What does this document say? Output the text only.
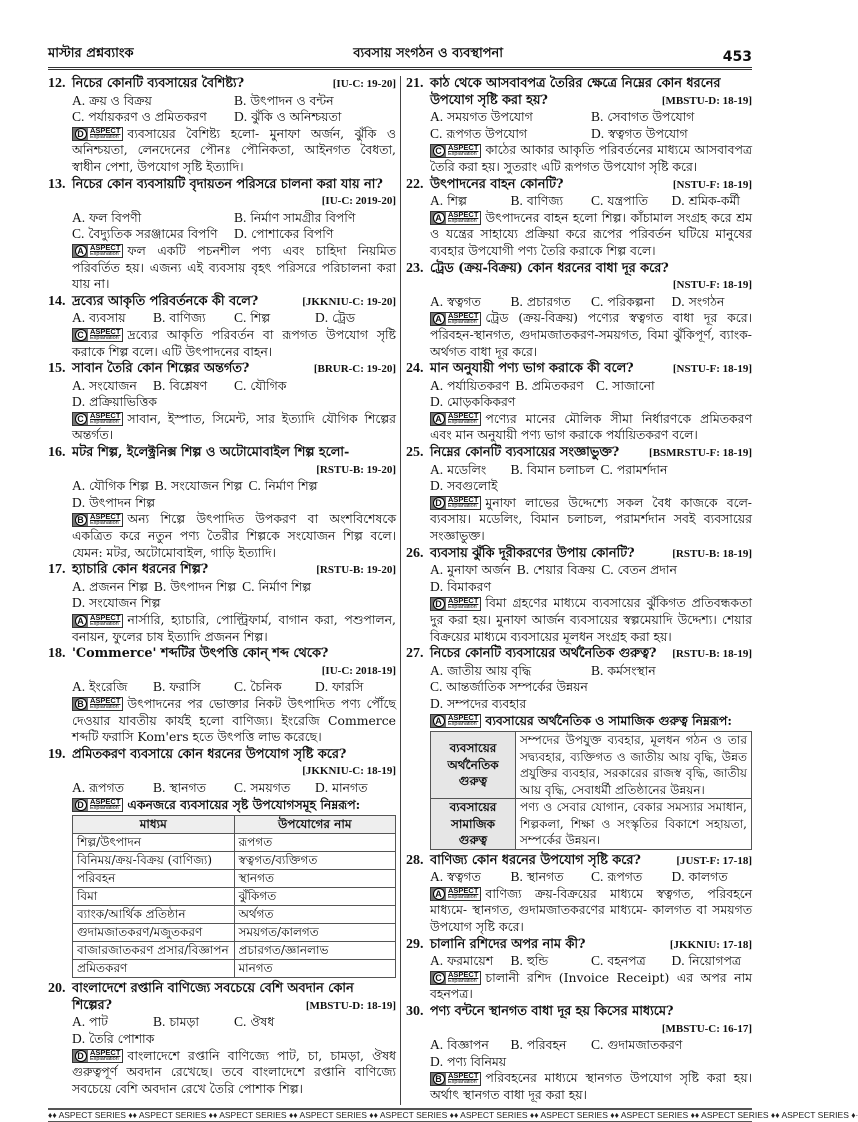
মাস্টার প্রশ্নব্যাংক	ব্যবসায় সংগঠন ও ব্যবস্থাপনা	453
12. নিচের কোনটি ব্যবসায়ের বৈশিষ্ট্য?	[IU-C: 19-20]
A. ক্রয় ও বিক্রয়	B. উৎপাদন ও বন্টন
C. পর্যায়করণ ও প্রমিতকরণ	D. ঝুঁকি ও অনিশ্চয়তা
D ASPECT
Explanation ব্যবসায়ের বৈশিষ্ট্য হলো- মুনাফা অর্জন, ঝুঁকি ও অনিশ্চয়তা, লেনদেনের পৌনঃ পৌনিকতা, আইনগত বৈধতা, স্বাধীন পেশা, উপযোগ সৃষ্টি ইত্যাদি।
13. নিচের কোন ব্যবসায়টি বৃদায়তন পরিসরে চালনা করা যায় না?
[IU-C: 2019-20]
A. ফল বিপণী	B. নির্মাণ সামগ্রীর বিপণি
C. বৈদ্যুতিক সরঞ্জামের বিপণি	D. পোশাকের বিপণি
A ASPECT
Explanation ফল একটি পচনশীল পণ্য এবং চাহিদা নিয়মিত পরিবর্তিত হয়। এজন্য এই ব্যবসায় বৃহৎ পরিসরে পরিচালনা করা যায় না।
14. দ্রব্যের আকৃতি পরিবর্তনকে কী বলে?	[JKKNIU-C: 19-20]
A. ব্যবসায়	B. বাণিজ্য	C. শিল্প	D. ট্রেড
C ASPECT
Explanation দ্রব্যের আকৃতি পরিবর্তন বা রূপগত উপযোগ সৃষ্টি করাকে শিল্প বলে। এটি উৎপাদনের বাহন।
15. সাবান তৈরি কোন শিল্পের অন্তর্গত?	[BRUR-C: 19-20]
A. সংযোজন	B. বিশ্লেষণ	C. যৌগিক
D. প্রক্রিয়াভিত্তিক
C ASPECT
Explanation সাবান, ইস্পাত, সিমেন্ট, সার ইত্যাদি যৌগিক শিল্পের অন্তর্গত।
16. মটর শিল্প, ইলেক্ট্রনিক্স শিল্প ও অটোমোবাইল শিল্প হলো-
[RSTU-B: 19-20]
A. যৌগিক শিল্প B. সংযোজন শিল্প C. নির্মাণ শিল্প
D. উৎপাদন শিল্প
B ASPECT
Explanation অন্য শিল্পে উৎপাদিত উপকরণ বা অংশবিশেষকে একত্রিত করে নতুন পণ্য তৈরীর শিল্পকে সংযোজন শিল্প বলে। যেমন: মটর, অটোমোবাইল, গাড়ি ইত্যাদি।
17. হ্যাচারি কোন ধরনের শিল্প?	[RSTU-B: 19-20]
A. প্রজনন শিল্প B. উৎপাদন শিল্প C. নির্মাণ শিল্প
D. সংযোজন শিল্প
A ASPECT
Explanation নার্সারি, হ্যাচারি, পোল্ট্রিফার্ম, বাগান করা, পশুপালন, বনায়ন, ফুলের চাষ ইত্যাদি প্রজনন শিল্প।
18. 'Commerce' শব্দটির উৎপত্তি কোন্ শব্দ থেকে?
[IU-C: 2018-19]
A. ইংরেজি	B. ফরাসি	C. চৈনিক	D. ফারসি
B ASPECT
Explanation উৎপাদনের পর ভোক্তার নিকট উৎপাদিত পণ্য পৌঁছে দেওয়ার যাবতীয় কার্যই হলো বাণিজ্য। ইংরেজি Commerce শব্দটি ফরাসি Kom'ers হতে উৎপত্তি লাভ করেছে।
19. প্রমিতকরণ ব্যবসায়ে কোন ধরনের উপযোগ সৃষ্টি করে?
[JKKNIU-C: 18-19]
A. রূপগত	B. স্থানগত	C. সময়গত	D. মানগত
D ASPECT
Explanation একনজরে ব্যবসায়ের সৃষ্ট উপযোগসমূহ নিম্নরূপ:
মাধ্যম	উপযোগের নাম
শিল্প/উৎপাদন	রূপগত
বিনিময়/ক্রয়-বিক্রয় (বাণিজ্য)	স্বত্বগত/ব্যক্তিগত
পরিবহন	স্থানগত
বিমা	ঝুঁকিগত
ব্যাংক/আর্থিক প্রতিষ্ঠান	অর্থগত
গুদামজাতকরণ/মজুতকরণ	সময়গত/কালগত
বাজারজাতকরণ প্রসার/বিজ্ঞাপন	প্রচারগত/জ্ঞানলাভ
প্রমিতকরণ	মানগত
20. বাংলাদেশে রপ্তানি বাণিজ্যে সবচেয়ে বেশি অবদান কোন শিল্পের?	[MBSTU-D: 18-19]
A. পাট	B. চামড়া	C. ঔষধ
D. তৈরি পোশাক
D ASPECT
Explanation বাংলাদেশে রপ্তানি বাণিজ্যে পাট, চা, চামড়া, ঔষধ গুরুত্বপূর্ণ অবদান রেখেছে। তবে বাংলাদেশে রপ্তানি বাণিজ্যে সবচেয়ে বেশি অবদান রেখে তৈরি পোশাক শিল্প।
21. কাঠ থেকে আসবাবপত্র তৈরির ক্ষেত্রে নিম্নের কোন ধরনের উপযোগ সৃষ্টি করা হয়?	[MBSTU-D: 18-19]
A. সময়গত উপযোগ	B. সেবাগত উপযোগ
C. রূপগত উপযোগ	D. স্বত্বগত উপযোগ
C ASPECT
Explanation কাঠের আকার আকৃতি পরিবর্তনের মাধ্যমে আসবাবপত্র তৈরি করা হয়। সুতরাং এটি রূপগত উপযোগ সৃষ্টি করে।
22. উৎপাদনের বাহন কোনটি?	[NSTU-F: 18-19]
A. শিল্প	B. বাণিজ্য	C. যন্ত্রপাতি	D. শ্রমিক-কর্মী
A ASPECT
Explanation উৎপাদনের বাহন হলো শিল্প। কাঁচামাল সংগ্রহ করে শ্রম ও যন্ত্রের সাহায্যে প্রক্রিয়া করে রূপের পরিবর্তন ঘটিয়ে মানুষের ব্যবহার উপযোগী পণ্য তৈরি করাকে শিল্প বলে।
23. ট্রেড (ক্রয়-বিক্রয়) কোন ধরনের বাধা দূর করে?
[NSTU-F: 18-19]
A. স্বত্বগত	B. প্রচারগত	C. পরিকল্পনা	D. সংগঠন
A ASPECT
Explanation ট্রেড (ক্রয়-বিক্রয়) পণ্যের স্বত্বগত বাধা দূর করে। পরিবহন-স্থানগত, গুদামজাতকরণ-সময়গত, বিমা ঝুঁকিপূর্ণ, ব্যাংক-অর্থগত বাধা দূর করে।
24. মান অনুযায়ী পণ্য ভাগ করাকে কী বলে?	[NSTU-F: 18-19]
A. পর্যায়িতকরণ B. প্রমিতকরণ C. সাজানো
D. মোড়ককিকরণ
A ASPECT
Explanation পণ্যের মানের মৌলিক সীমা নির্ধারণকে প্রমিতকরণ এবং মান অনুযায়ী পণ্য ভাগ করাকে পর্যায়িতকরণ বলে।
25. নিম্নের কোনটি ব্যবসায়ের সংজ্ঞাভুক্ত?	[BSMRSTU-F: 18-19]
A. মডেলিং	B. বিমান চলাচল C. পরামর্শদান
D. সবগুলোই
D ASPECT
Explanation মুনাফা লাভের উদ্দেশ্যে সকল বৈধ কাজকে বলে- ব্যবসায়। মডেলিং, বিমান চলাচল, পরামর্শদান সবই ব্যবসায়ের সংজ্ঞাভুক্ত।
26. ব্যবসায় ঝুঁকি দূরীকরণের উপায় কোনটি?	[RSTU-B: 18-19]
A. মুনাফা অর্জন B. শেয়ার বিক্রয় C. বেতন প্রদান
D. বিমাকরণ
D ASPECT
Explanation বিমা গ্রহণের মাধ্যমে ব্যবসায়ের ঝুঁকিগত প্রতিবন্ধকতা দুর করা হয়। মুনাফা আর্জন ব্যবসায়ের স্বল্পমেয়াদি উদ্দেশ্য। শেয়ার বিক্রয়ের মাধ্যমে ব্যবসায়ের মূলধন সংগ্রহ করা হয়।
27. নিচের কোনটি ব্যবসায়ের অর্থনৈতিক গুরুত্ব? [RSTU-B: 18-19]
A. জাতীয় আয় বৃদ্ধি	B. কর্মসংস্থান
C. আন্তর্জাতিক সম্পর্কের উন্নয়ন
D. সম্পদের ব্যবহার
A ASPECT
Explanation ব্যবসায়ের অর্থনৈতিক ও সামাজিক গুরুত্ব নিম্নরূপ:
ব্যবসায়ের অর্থনৈতিক গুরুত্ব	সম্পদের উপযুক্ত ব্যবহার, মূলধন গঠন ও তার সদ্ব্যবহার, ব্যক্তিগত ও জাতীয় আয় বৃদ্ধি, উন্নত প্রযুক্তির ব্যবহার, সরকারের রাজস্ব বৃদ্ধি, জাতীয় আয় বৃদ্ধি, সেবাধর্মী প্রতিষ্ঠানের উন্নয়ন।
ব্যবসায়ের সামাজিক গুরুত্ব	পণ্য ও সেবার যোগান, বেকার সমস্যার সমাধান, শিল্পকলা, শিক্ষা ও সংস্কৃতির বিকাশে সহায়তা, সম্পর্কের উন্নয়ন।
28. বাণিজ্য কোন ধরনের উপযোগ সৃষ্টি করে?	[JUST-F: 17-18]
A. স্বত্বগত	B. স্থানগত	C. রূপগত	D. কালগত
A ASPECT
Explanation বাণিজ্য ক্রয়-বিক্রয়ের মাধ্যমে স্বত্বগত, পরিবহনে মাধ্যমে- স্থানগত, গুদামজাতকরণের মাধ্যমে- কালগত বা সময়গত উপযোগ সৃষ্টি করে।
29. চালানি রশিদের অপর নাম কী?	[JKKNIU: 17-18]
A. ফরমায়েশ	B. হুন্ডি	C. বহনপত্র	D. নিয়োগপত্র
C ASPECT
Explanation চালানী রশিদ (Invoice Receipt) এর অপর নাম বহনপত্র।
30. পণ্য বন্টনে স্থানগত বাধা দূর হয় কিসের মাধ্যমে?
[MBSTU-C: 16-17]
A. বিজ্ঞাপন	B. পরিবহন	C. গুদামজাতকরণ
D. পণ্য বিনিময়
B ASPECT
Explanation পরিবহনের মাধ্যমে স্থানগত উপযোগ সৃষ্টি করা হয়। অর্থাৎ স্থানগত বাধা দূর করা হয়।
♦♦ ASPECT SERIES ♦♦ ASPECT SERIES ♦♦ ASPECT SERIES ♦♦ ASPECT SERIES ♦♦ ASPECT SERIES ♦♦ ASPECT SERIES ♦♦ ASPECT SERIES ♦♦ ASPECT SERIES ♦♦ ASPECT SERIES ♦♦ ASPECT SERIES ♦·
